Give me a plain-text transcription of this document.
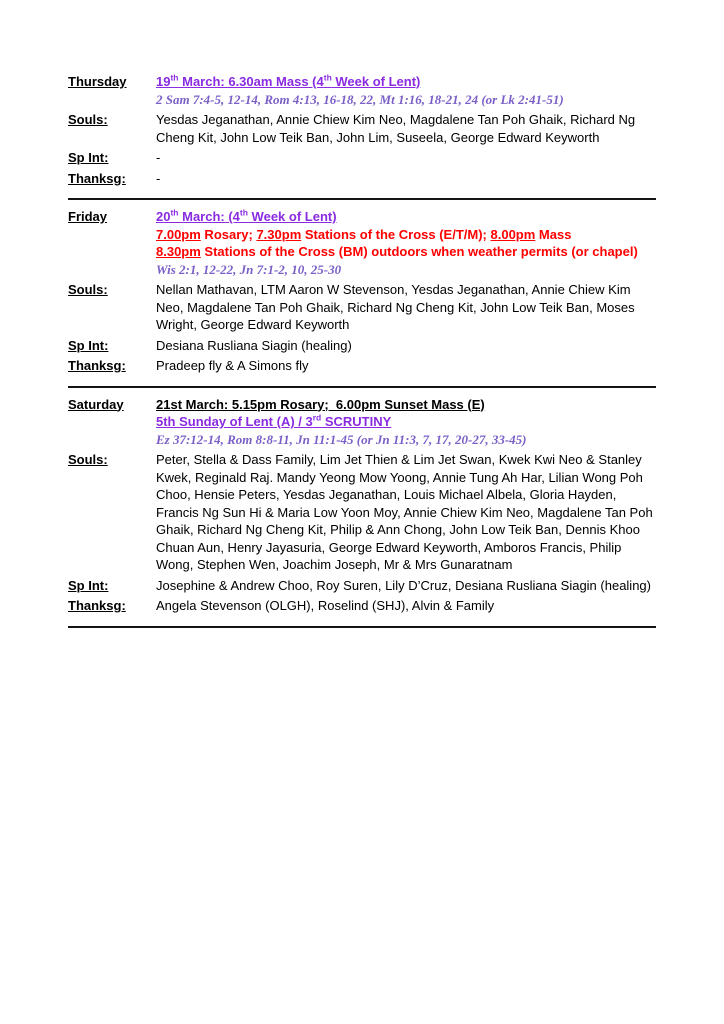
Thursday	19th March: 6.30am Mass (4th Week of Lent)
2 Sam 7:4-5, 12-14, Rom 4:13, 16-18, 22, Mt 1:16, 18-21, 24 (or Lk 2:41-51)
Souls:	Yesdas Jeganathan, Annie Chiew Kim Neo, Magdalene Tan Poh Ghaik, Richard Ng Cheng Kit, John Low Teik Ban, John Lim, Suseela, George Edward Keyworth
Sp Int:	-
Thanksg:	-
Friday	20th March: (4th Week of Lent)
7.00pm Rosary; 7.30pm Stations of the Cross (E/T/M); 8.00pm Mass
8.30pm Stations of the Cross (BM) outdoors when weather permits (or chapel)
Wis 2:1, 12-22, Jn 7:1-2, 10, 25-30
Souls:	Nellan Mathavan, LTM Aaron W Stevenson, Yesdas Jeganathan, Annie Chiew Kim Neo, Magdalene Tan Poh Ghaik, Richard Ng Cheng Kit, John Low Teik Ban, Moses Wright, George Edward Keyworth
Sp Int:	Desiana Rusliana Siagin (healing)
Thanksg:	Pradeep fly & A Simons fly
Saturday	21st March: 5.15pm Rosary;  6.00pm Sunset Mass (E)
5th Sunday of Lent (A) / 3rd SCRUTINY
Ez 37:12-14, Rom 8:8-11, Jn 11:1-45 (or Jn 11:3, 7, 17, 20-27, 33-45)
Souls:	Peter, Stella & Dass Family, Lim Jet Thien & Lim Jet Swan, Kwek Kwi Neo & Stanley Kwek, Reginald Raj. Mandy Yeong Mow Yoong, Annie Tung Ah Har, Lilian Wong Poh Choo, Hensie Peters, Yesdas Jeganathan, Louis Michael Albela, Gloria Hayden, Francis Ng Sun Hi & Maria Low Yoon Moy, Annie Chiew Kim Neo, Magdalene Tan Poh Ghaik, Richard Ng Cheng Kit, Philip & Ann Chong, John Low Teik Ban, Dennis Khoo Chuan Aun, Henry Jayasuria, George Edward Keyworth, Amboros Francis, Philip Wong, Stephen Wen, Joachim Joseph, Mr & Mrs Gunaratnam
Sp Int:	Josephine & Andrew Choo, Roy Suren, Lily D’Cruz, Desiana Rusliana Siagin (healing)
Thanksg:	Angela Stevenson (OLGH), Roselind (SHJ), Alvin & Family
